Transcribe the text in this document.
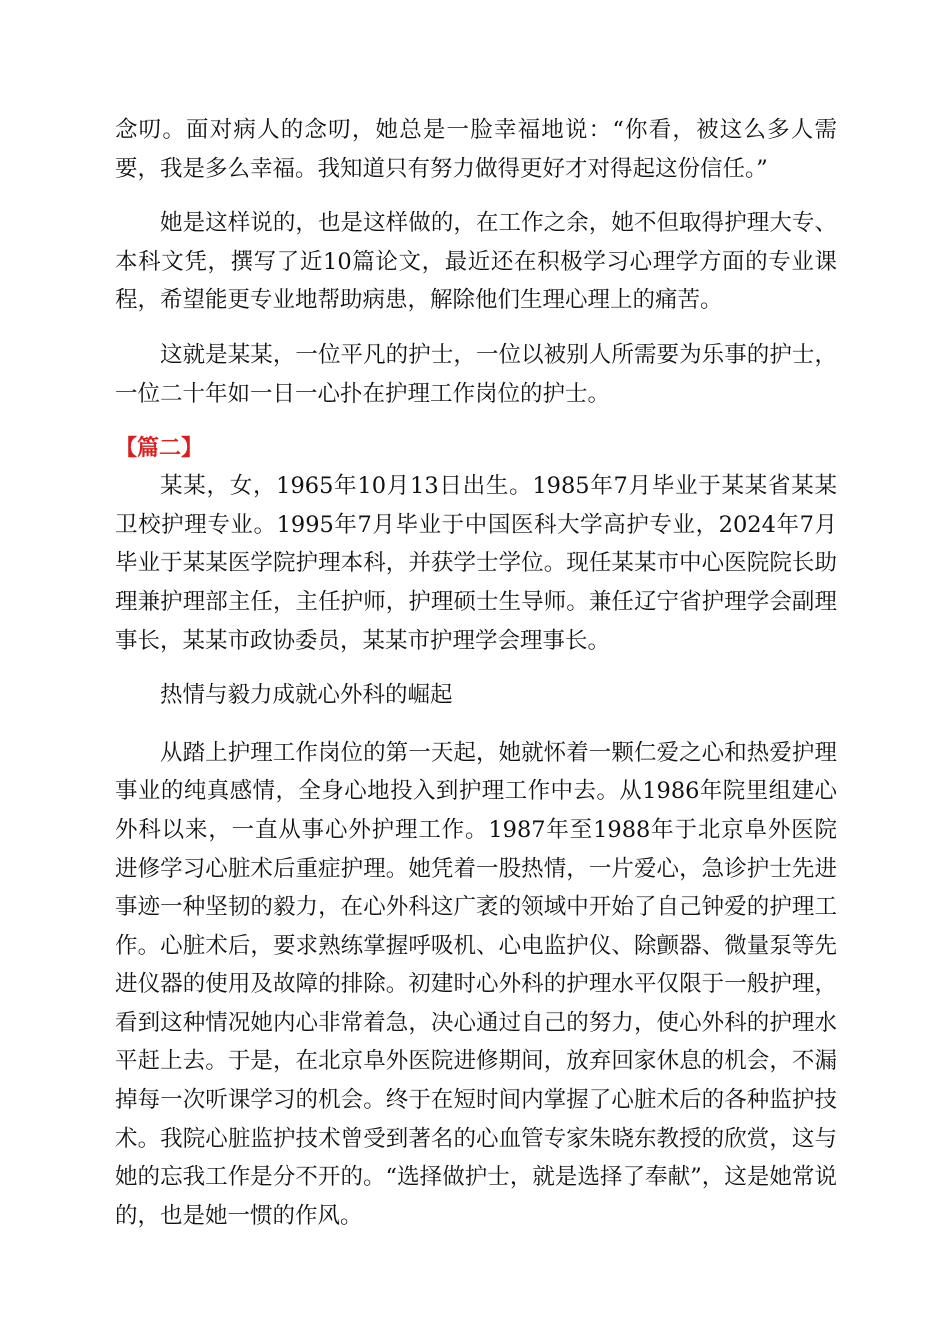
念叨。面对病人的念叨，她总是一脸幸福地说：“你看，被这么多人需要，我是多么幸福。我知道只有努力做得更好才对得起这份信任。”

她是这样说的，也是这样做的，在工作之余，她不但取得护理大专、本科文凭，撰写了近10篇论文，最近还在积极学习心理学方面的专业课程，希望能更专业地帮助病患，解除他们生理心理上的痛苦。

这就是某某，一位平凡的护士，一位以被别人所需要为乐事的护士，一位二十年如一日一心扑在护理工作岗位的护士。

【篇二】

某某，女，1965年10月13日出生。1985年7月毕业于某某省某某卫校护理专业。1995年7月毕业于中国医科大学高护专业，2024年7月毕业于某某医学院护理本科，并获学士学位。现任某某市中心医院院长助理兼护理部主任，主任护师，护理硕士生导师。兼任辽宁省护理学会副理事长，某某市政协委员，某某市护理学会理事长。

热情与毅力成就心外科的崛起

从踏上护理工作岗位的第一天起，她就怀着一颗仁爱之心和热爱护理事业的纯真感情，全身心地投入到护理工作中去。从1986年院里组建心外科以来，一直从事心外护理工作。1987年至1988年于北京阜外医院进修学习心脏术后重症护理。她凭着一股热情，一片爱心，急诊护士先进事迹一种坚韧的毅力，在心外科这广袤的领域中开始了自己钟爱的护理工作。心脏术后，要求熟练掌握呼吸机、心电监护仪、除颤器、微量泵等先进仪器的使用及故障的排除。初建时心外科的护理水平仅限于一般护理，看到这种情况她内心非常着急，决心通过自己的努力，使心外科的护理水平赶上去。于是，在北京阜外医院进修期间，放弃回家休息的机会，不漏掉每一次听课学习的机会。终于在短时间内掌握了心脏术后的各种监护技术。我院心脏监护技术曾受到著名的心血管专家朱晓东教授的欣赏，这与她的忘我工作是分不开的。“选择做护士，就是选择了奉献”，这是她常说的，也是她一惯的作风。
